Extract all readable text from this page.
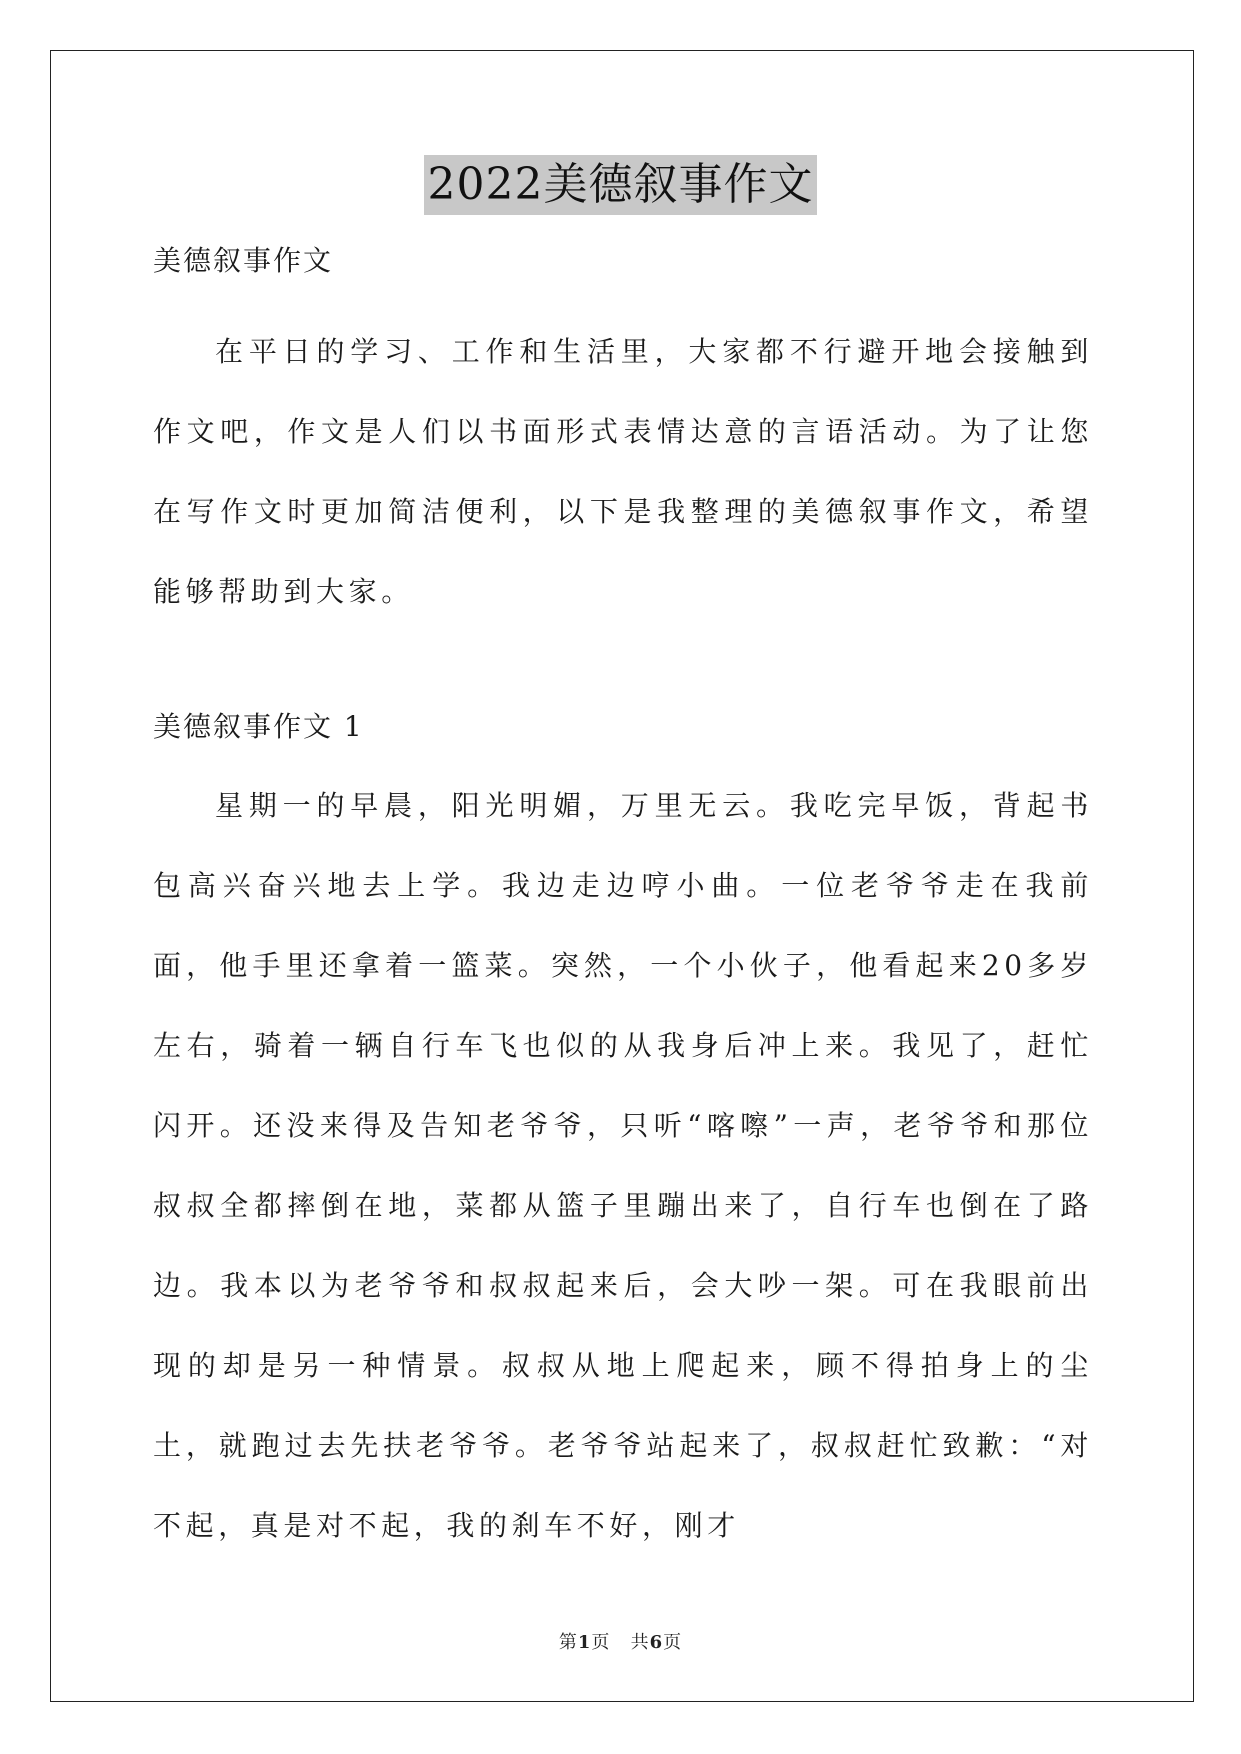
2022美德叙事作文

美德叙事作文

在平日的学习、工作和生活里，大家都不行避开地会接触到作文吧，作文是人们以书面形式表情达意的言语活动。为了让您在写作文时更加简洁便利，以下是我整理的美德叙事作文，希望能够帮助到大家。

美德叙事作文 1

星期一的早晨，阳光明媚，万里无云。我吃完早饭，背起书包高兴奋兴地去上学。我边走边哼小曲。一位老爷爷走在我前面，他手里还拿着一篮菜。突然，一个小伙子，他看起来20多岁左右，骑着一辆自行车飞也似的从我身后冲上来。我见了，赶忙闪开。还没来得及告知老爷爷，只听“喀嚓”一声，老爷爷和那位叔叔全都摔倒在地，菜都从篮子里蹦出来了，自行车也倒在了路边。我本以为老爷爷和叔叔起来后，会大吵一架。可在我眼前出现的却是另一种情景。叔叔从地上爬起来，顾不得拍身上的尘土，就跑过去先扶老爷爷。老爷爷站起来了，叔叔赶忙致歉：“对不起，真是对不起，我的刹车不好，刚才

第1页 共6页
